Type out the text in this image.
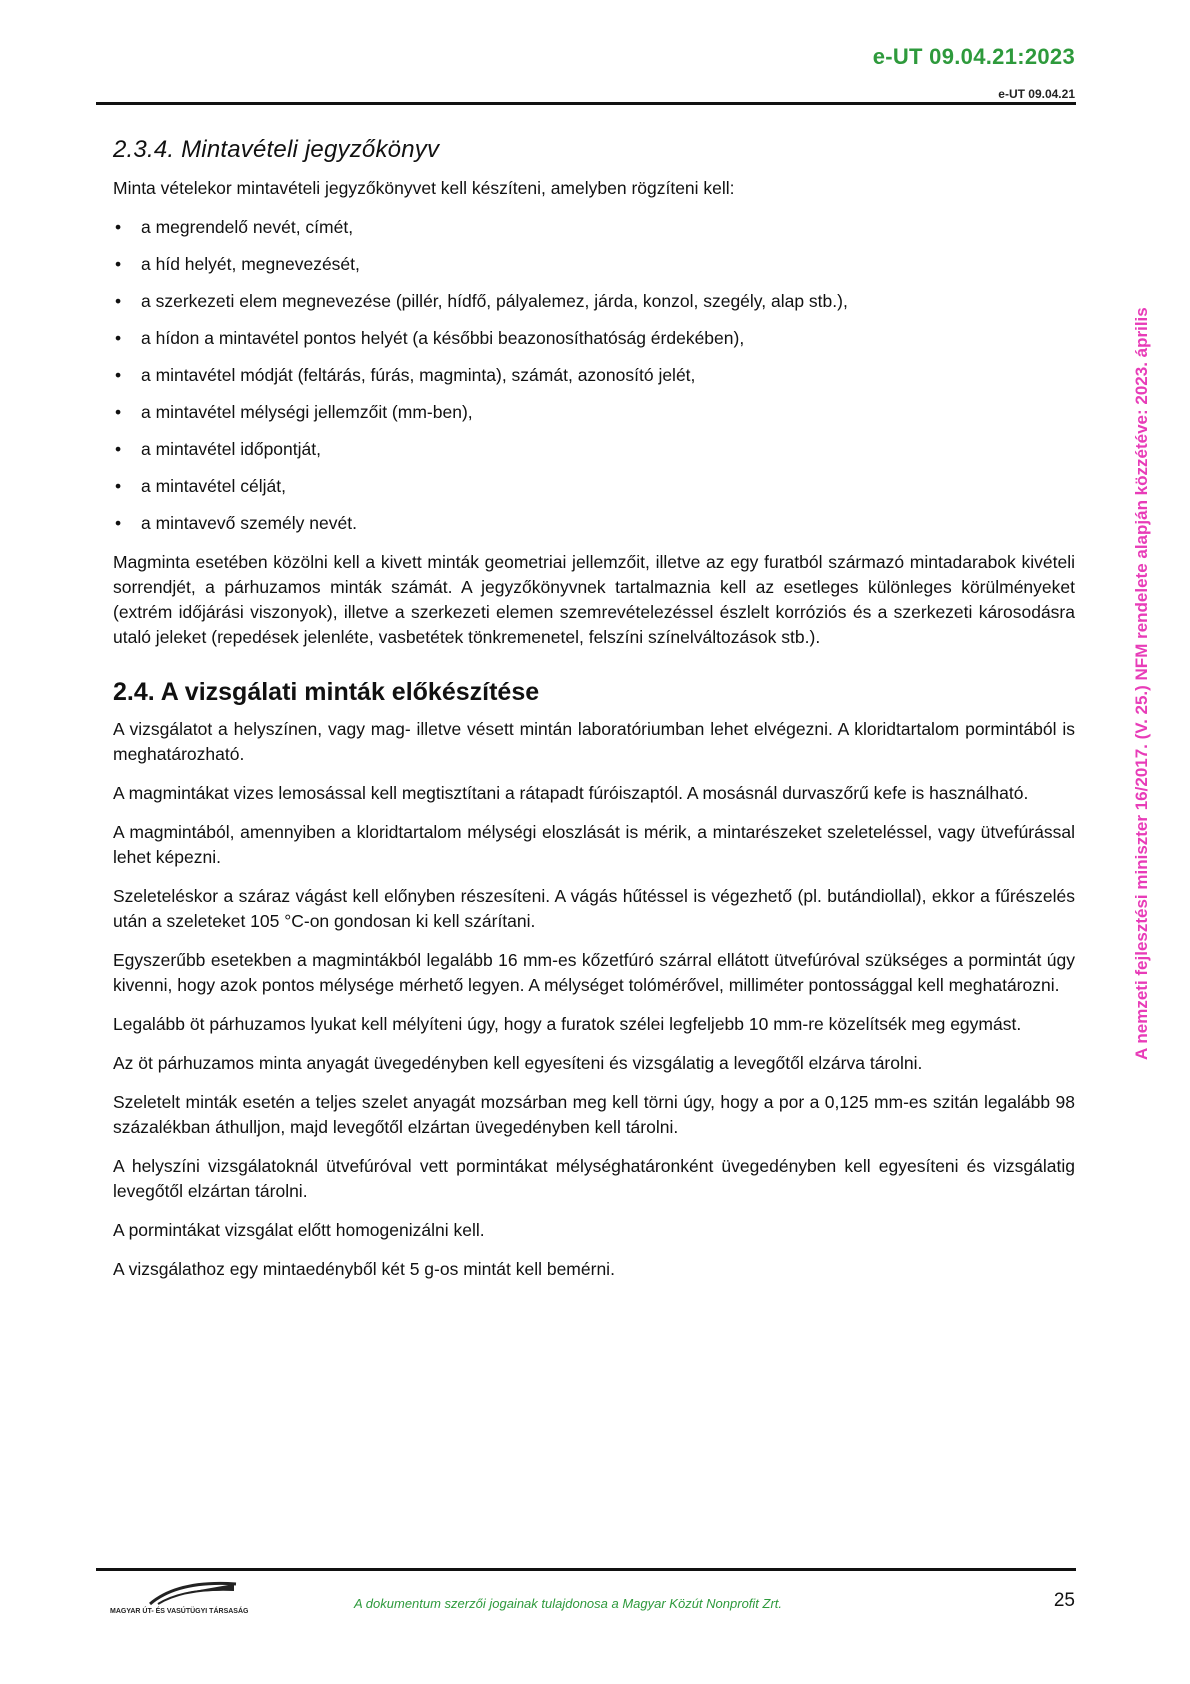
e-UT 09.04.21:2023
e-UT 09.04.21
A nemzeti fejlesztési miniszter 16/2017. (V. 25.) NFM rendelete alapján közzétéve: 2023. április
2.3.4. Mintavételi jegyzőkönyv

Minta vételekor mintavételi jegyzőkönyvet kell készíteni, amelyben rögzíteni kell:

• a megrendelő nevét, címét,
• a híd helyét, megnevezését,
• a szerkezeti elem megnevezése (pillér, hídfő, pályalemez, járda, konzol, szegély, alap stb.),
• a hídon a mintavétel pontos helyét (a későbbi beazonosíthatóság érdekében),
• a mintavétel módját (feltárás, fúrás, magminta), számát, azonosító jelét,
• a mintavétel mélységi jellemzőit (mm-ben),
• a mintavétel időpontját,
• a mintavétel célját,
• a mintavevő személy nevét.

Magminta esetében közölni kell a kivett minták geometriai jellemzőit, illetve az egy furatból származó mintadarabok kivételi sorrendjét, a párhuzamos minták számát. A jegyzőkönyvnek tartalmaznia kell az esetleges különleges körülményeket (extrém időjárási viszonyok), illetve a szerkezeti elemen szemrevételezéssel észlelt korróziós és a szerkezeti károsodásra utaló jeleket (repedések jelenléte, vasbetétek tönkremenetel, felszíni színelváltozások stb.).

2.4. A vizsgálati minták előkészítése

A vizsgálatot a helyszínen, vagy mag- illetve vésett mintán laboratóriumban lehet elvégezni. A kloridtartalom pormintából is meghatározható.

A magmintákat vizes lemosással kell megtisztítani a rátapadt fúróiszaptól. A mosásnál durvaszőrű kefe is használható.

A magmintából, amennyiben a kloridtartalom mélységi eloszlását is mérik, a mintarészeket szeleteléssel, vagy ütvefúrással lehet képezni.

Szeleteléskor a száraz vágást kell előnyben részesíteni. A vágás hűtéssel is végezhető (pl. butándiollal), ekkor a fűrészelés után a szeleteket 105 °C-on gondosan ki kell szárítani.

Egyszerűbb esetekben a magmintákból legalább 16 mm-es kőzetfúró szárral ellátott ütvefúróval szükséges a pormintát úgy kivenni, hogy azok pontos mélysége mérhető legyen. A mélységet tolómérővel, milliméter pontossággal kell meghatározni.

Legalább öt párhuzamos lyukat kell mélyíteni úgy, hogy a furatok szélei legfeljebb 10 mm-re közelítsék meg egymást.

Az öt párhuzamos minta anyagát üvegedényben kell egyesíteni és vizsgálatig a levegőtől elzárva tárolni.

Szeletelt minták esetén a teljes szelet anyagát mozsárban meg kell törni úgy, hogy a por a 0,125 mm-es szitán legalább 98 százalékban áthulljon, majd levegőtől elzártan üvegedényben kell tárolni.

A helyszíni vizsgálatoknál ütvefúróval vett pormintákat mélységhatáronként üvegedényben kell egyesíteni és vizsgálatig levegőtől elzártan tárolni.

A pormintákat vizsgálat előtt homogenizálni kell.

A vizsgálathoz egy mintaedényből két 5 g-os mintát kell bemérni.

MAGYAR ÚT- ÉS VASÚTÜGYI TÁRSASÁG
A dokumentum szerzői jogainak tulajdonosa a Magyar Közút Nonprofit Zrt.	25
